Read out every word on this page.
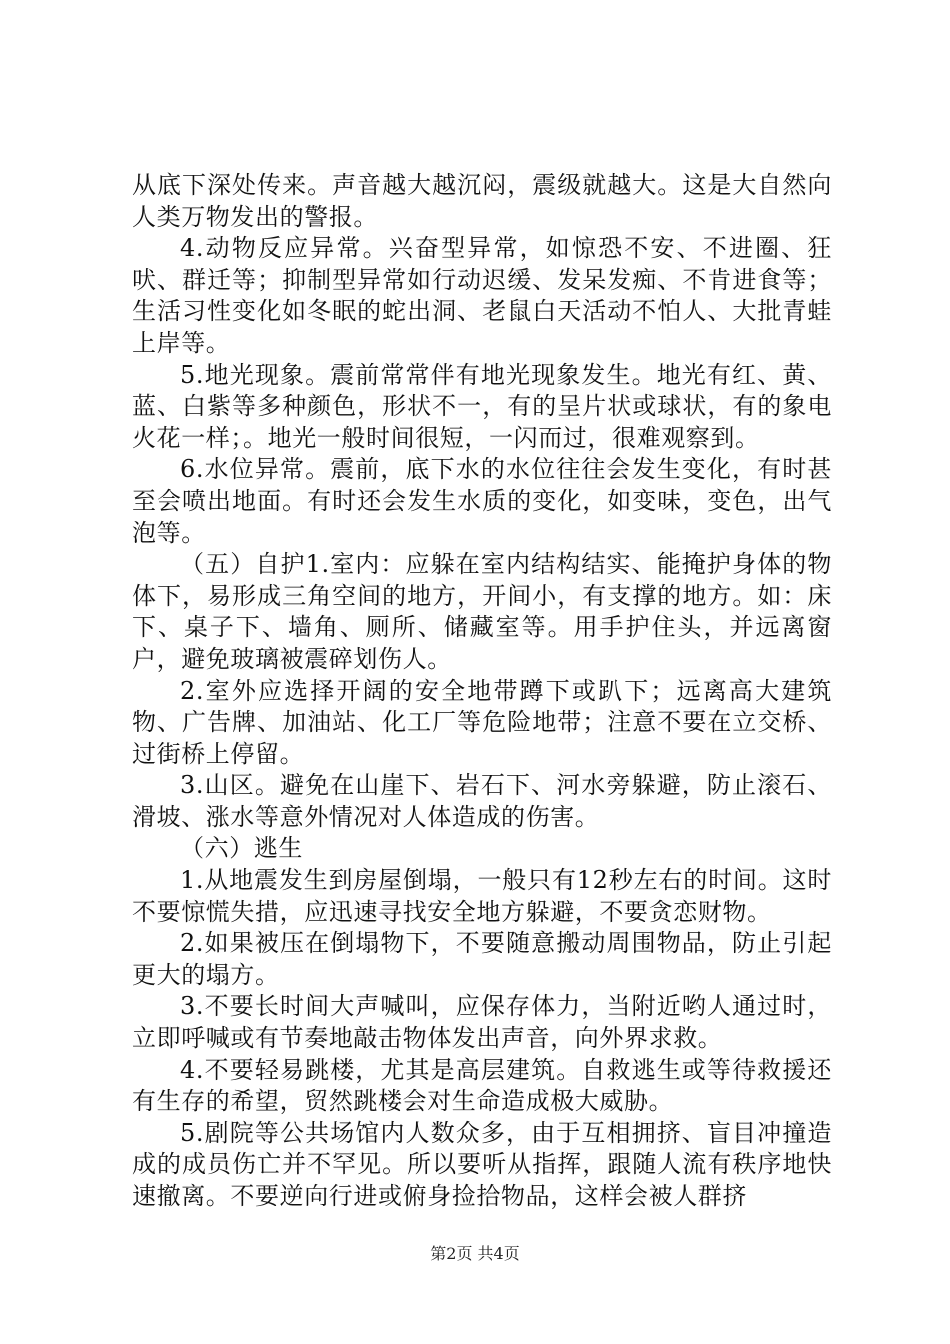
从底下深处传来。声音越大越沉闷，震级就越大。这是大自然向人类万物发出的警报。

4.动物反应异常。兴奋型异常，如惊恐不安、不进圈、狂吠、群迁等；抑制型异常如行动迟缓、发呆发痴、不肯进食等；生活习性变化如冬眠的蛇出洞、老鼠白天活动不怕人、大批青蛙上岸等。

5.地光现象。震前常常伴有地光现象发生。地光有红、黄、蓝、白紫等多种颜色，形状不一，有的呈片状或球状，有的象电火花一样；。地光一般时间很短，一闪而过，很难观察到。

6.水位异常。震前，底下水的水位往往会发生变化，有时甚至会喷出地面。有时还会发生水质的变化，如变味，变色，出气泡等。

（五）自护1.室内：应躲在室内结构结实、能掩护身体的物体下，易形成三角空间的地方，开间小，有支撑的地方。如：床下、桌子下、墙角、厕所、储藏室等。用手护住头，并远离窗户，避免玻璃被震碎划伤人。

2.室外应选择开阔的安全地带蹲下或趴下；远离高大建筑物、广告牌、加油站、化工厂等危险地带；注意不要在立交桥、过街桥上停留。

3.山区。避免在山崖下、岩石下、河水旁躲避，防止滚石、滑坡、涨水等意外情况对人体造成的伤害。

（六）逃生

1.从地震发生到房屋倒塌，一般只有12秒左右的时间。这时不要惊慌失措，应迅速寻找安全地方躲避，不要贪恋财物。

2.如果被压在倒塌物下，不要随意搬动周围物品，防止引起更大的塌方。

3.不要长时间大声喊叫，应保存体力，当附近哟人通过时，立即呼喊或有节奏地敲击物体发出声音，向外界求救。

4.不要轻易跳楼，尤其是高层建筑。自救逃生或等待救援还有生存的希望，贸然跳楼会对生命造成极大威胁。

5.剧院等公共场馆内人数众多，由于互相拥挤、盲目冲撞造成的成员伤亡并不罕见。所以要听从指挥，跟随人流有秩序地快速撤离。不要逆向行进或俯身捡拾物品，这样会被人群挤

第2页 共4页
